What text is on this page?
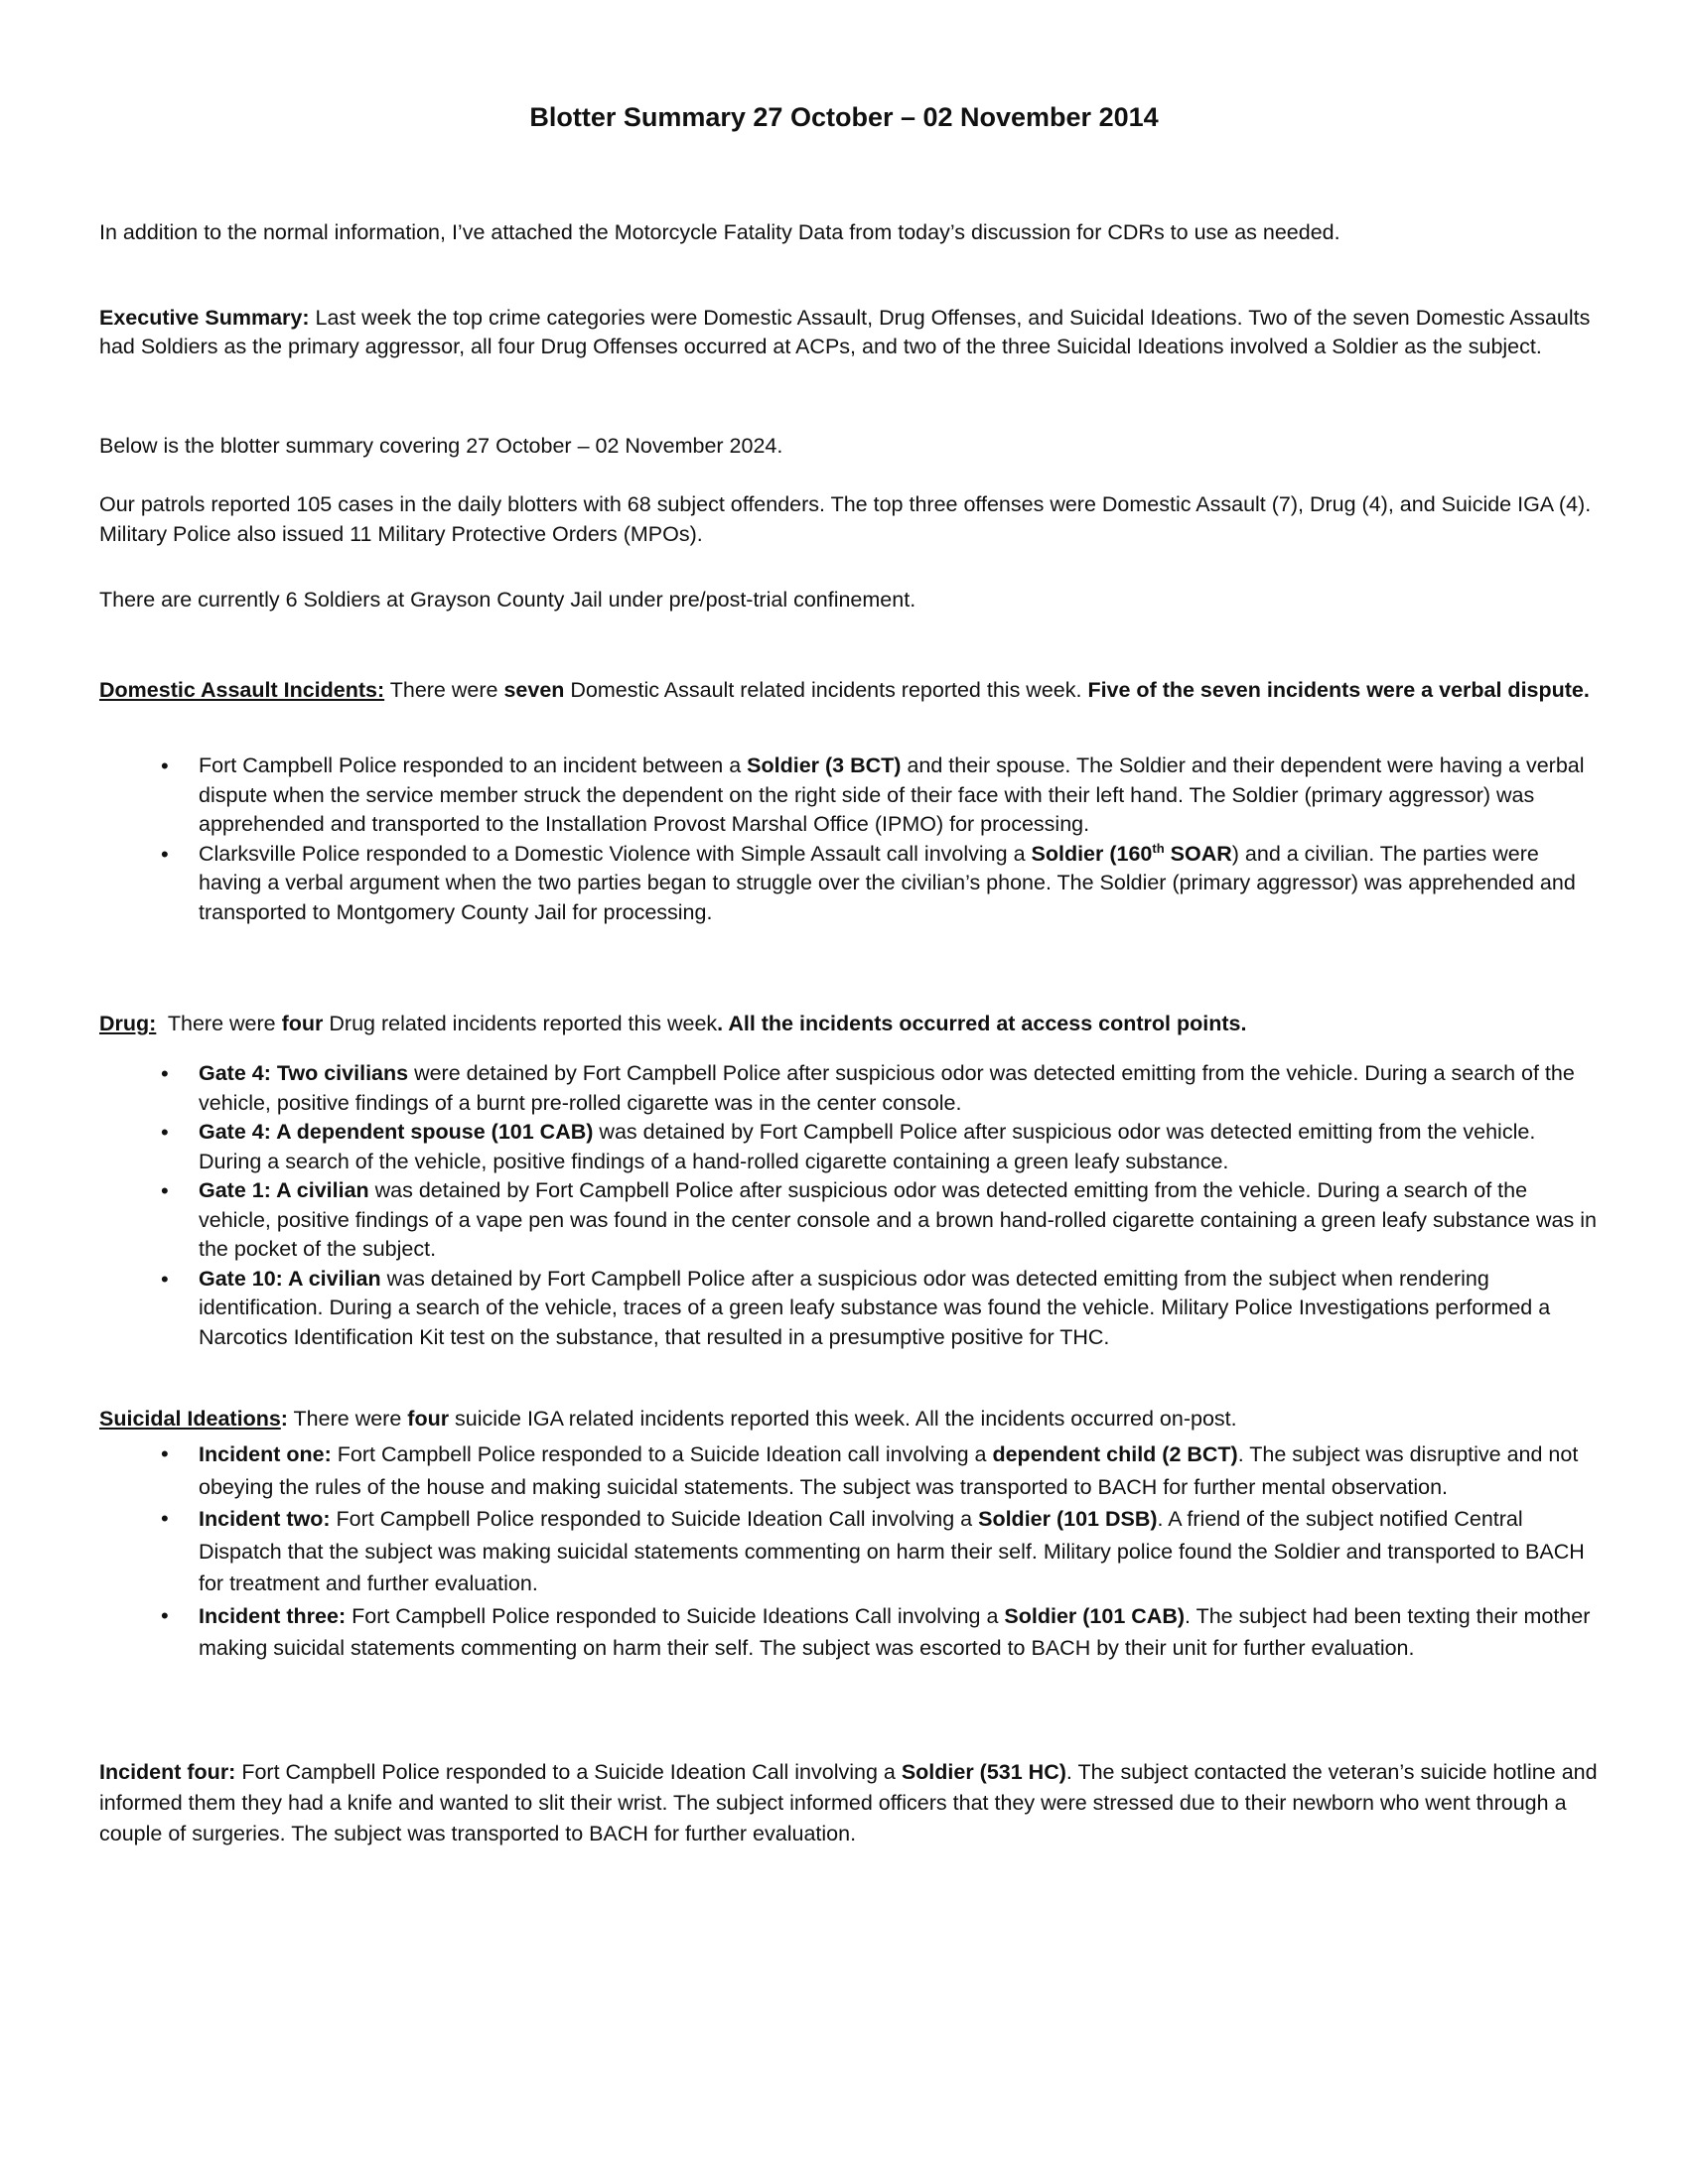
Blotter Summary 27 October – 02 November 2014

In addition to the normal information, I’ve attached the Motorcycle Fatality Data from today’s discussion for CDRs to use as needed.

Executive Summary: Last week the top crime categories were Domestic Assault, Drug Offenses, and Suicidal Ideations. Two of the seven Domestic Assaults had Soldiers as the primary aggressor, all four Drug Offenses occurred at ACPs, and two of the three Suicidal Ideations involved a Soldier as the subject.

Below is the blotter summary covering 27 October – 02 November 2024.

Our patrols reported 105 cases in the daily blotters with 68 subject offenders. The top three offenses were Domestic Assault (7), Drug (4), and Suicide IGA (4). Military Police also issued 11 Military Protective Orders (MPOs).

There are currently 6 Soldiers at Grayson County Jail under pre/post-trial confinement.

Domestic Assault Incidents: There were seven Domestic Assault related incidents reported this week. Five of the seven incidents were a verbal dispute.

• Fort Campbell Police responded to an incident between a Soldier (3 BCT) and their spouse. The Soldier and their dependent were having a verbal dispute when the service member struck the dependent on the right side of their face with their left hand. The Soldier (primary aggressor) was apprehended and transported to the Installation Provost Marshal Office (IPMO) for processing.
• Clarksville Police responded to a Domestic Violence with Simple Assault call involving a Soldier (160th SOAR) and a civilian. The parties were having a verbal argument when the two parties began to struggle over the civilian’s phone. The Soldier (primary aggressor) was apprehended and transported to Montgomery County Jail for processing.

Drug:  There were four Drug related incidents reported this week. All the incidents occurred at access control points.

• Gate 4: Two civilians were detained by Fort Campbell Police after suspicious odor was detected emitting from the vehicle. During a search of the vehicle, positive findings of a burnt pre-rolled cigarette was in the center console.
• Gate 4: A dependent spouse (101 CAB) was detained by Fort Campbell Police after suspicious odor was detected emitting from the vehicle. During a search of the vehicle, positive findings of a hand-rolled cigarette containing a green leafy substance.
• Gate 1: A civilian was detained by Fort Campbell Police after suspicious odor was detected emitting from the vehicle. During a search of the vehicle, positive findings of a vape pen was found in the center console and a brown hand-rolled cigarette containing a green leafy substance was in the pocket of the subject.
• Gate 10: A civilian was detained by Fort Campbell Police after a suspicious odor was detected emitting from the subject when rendering identification. During a search of the vehicle, traces of a green leafy substance was found the vehicle. Military Police Investigations performed a Narcotics Identification Kit test on the substance, that resulted in a presumptive positive for THC.

Suicidal Ideations: There were four suicide IGA related incidents reported this week. All the incidents occurred on-post.

• Incident one: Fort Campbell Police responded to a Suicide Ideation call involving a dependent child (2 BCT). The subject was disruptive and not obeying the rules of the house and making suicidal statements. The subject was transported to BACH for further mental observation.
• Incident two: Fort Campbell Police responded to Suicide Ideation Call involving a Soldier (101 DSB). A friend of the subject notified Central Dispatch that the subject was making suicidal statements commenting on harm their self. Military police found the Soldier and transported to BACH for treatment and further evaluation.
• Incident three: Fort Campbell Police responded to Suicide Ideations Call involving a Soldier (101 CAB). The subject had been texting their mother making suicidal statements commenting on harm their self. The subject was escorted to BACH by their unit for further evaluation.

Incident four: Fort Campbell Police responded to a Suicide Ideation Call involving a Soldier (531 HC). The subject contacted the veteran’s suicide hotline and informed them they had a knife and wanted to slit their wrist. The subject informed officers that they were stressed due to their newborn who went through a couple of surgeries. The subject was transported to BACH for further evaluation.
